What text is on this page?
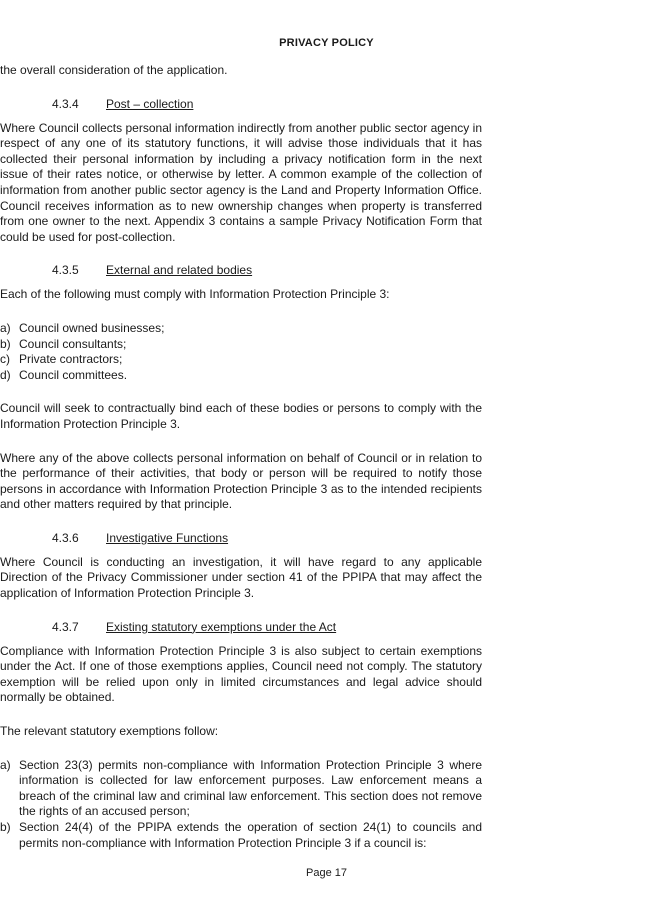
PRIVACY POLICY

the overall consideration of the application.

4.3.4 Post – collection

Where Council collects personal information indirectly from another public sector agency in respect of any one of its statutory functions, it will advise those individuals that it has collected their personal information by including a privacy notification form in the next issue of their rates notice, or otherwise by letter. A common example of the collection of information from another public sector agency is the Land and Property Information Office. Council receives information as to new ownership changes when property is transferred from one owner to the next. Appendix 3 contains a sample Privacy Notification Form that could be used for post-collection.

4.3.5 External and related bodies

Each of the following must comply with Information Protection Principle 3:

a) Council owned businesses;
b) Council consultants;
c) Private contractors;
d) Council committees.

Council will seek to contractually bind each of these bodies or persons to comply with the Information Protection Principle 3.

Where any of the above collects personal information on behalf of Council or in relation to the performance of their activities, that body or person will be required to notify those persons in accordance with Information Protection Principle 3 as to the intended recipients and other matters required by that principle.

4.3.6 Investigative Functions

Where Council is conducting an investigation, it will have regard to any applicable Direction of the Privacy Commissioner under section 41 of the PPIPA that may affect the application of Information Protection Principle 3.

4.3.7 Existing statutory exemptions under the Act

Compliance with Information Protection Principle 3 is also subject to certain exemptions under the Act. If one of those exemptions applies, Council need not comply. The statutory exemption will be relied upon only in limited circumstances and legal advice should normally be obtained.

The relevant statutory exemptions follow:

a) Section 23(3) permits non-compliance with Information Protection Principle 3 where information is collected for law enforcement purposes. Law enforcement means a breach of the criminal law and criminal law enforcement. This section does not remove the rights of an accused person;
b) Section 24(4) of the PPIPA extends the operation of section 24(1) to councils and permits non-compliance with Information Protection Principle 3 if a council is:
Page 17
